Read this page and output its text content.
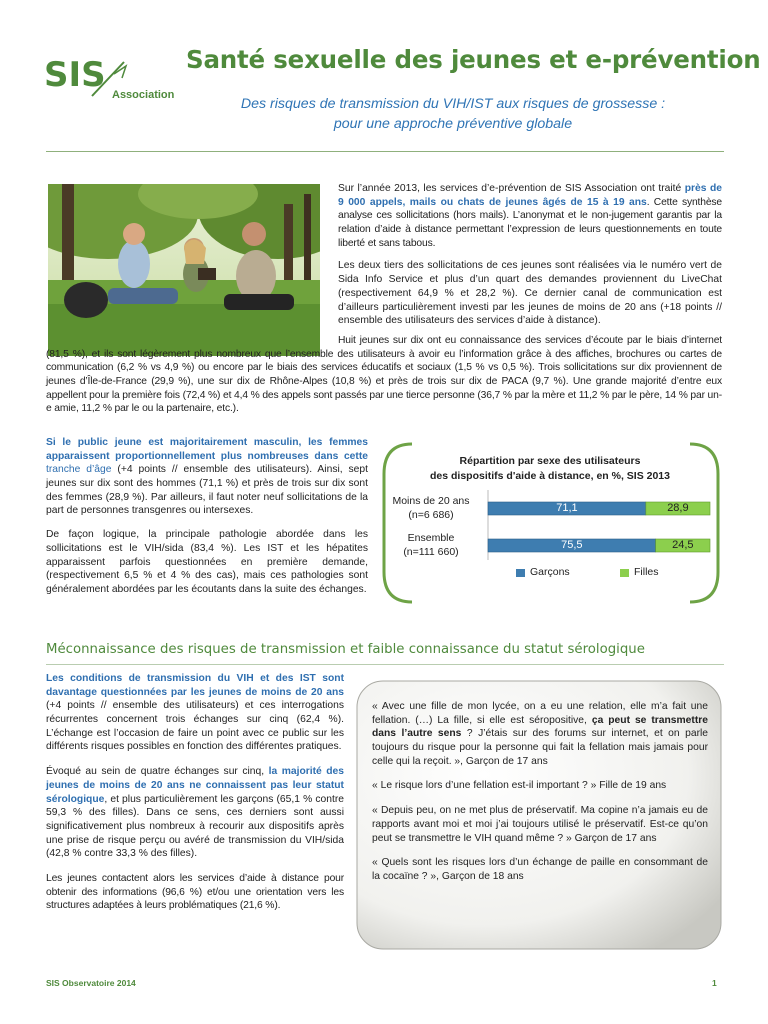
SIS Association
Santé sexuelle des jeunes et e-prévention
Des risques de transmission du VIH/IST aux risques de grossesse :
pour une approche préventive globale

Sur l’année 2013, les services d’e-prévention de SIS Association ont traité près de 9 000 appels, mails ou chats de jeunes âgés de 15 à 19 ans. Cette synthèse analyse ces sollicitations (hors mails). L’anonymat et le non-jugement garantis par la relation d’aide à distance permettant l’expression de leurs questionnements en toute liberté et sans tabous.

Les deux tiers des sollicitations de ces jeunes sont réalisées via le numéro vert de Sida Info Service et plus d’un quart des demandes proviennent du LiveChat (respectivement 64,9 % et 28,2 %). Ce dernier canal de communication est d’ailleurs particulièrement investi par les jeunes de moins de 20 ans (+18 points // ensemble des utilisateurs des services d’aide à distance).

Huit jeunes sur dix ont eu connaissance des services d’écoute par le biais d’internet (81,5 %), et ils sont légèrement plus nombreux que l’ensemble des utilisateurs à avoir eu l’information grâce à des affiches, brochures ou cartes de communication (6,2 % vs 4,9 %) ou encore par le biais des services éducatifs et sociaux (1,5 % vs 0,5 %). Trois sollicitations sur dix proviennent de jeunes d’Île-de-France (29,9 %), une sur dix de Rhône-Alpes (10,8 %) et près de trois sur dix de PACA (9,7 %). Une grande majorité d’entre eux appellent pour la première fois (72,4 %) et 4,4 % des appels sont passés par une tierce personne (36,7 % par la mère et 11,2 % par le père, 14 % par un-e amie, 11,2 % par le ou la partenaire, etc.).

Si le public jeune est majoritairement masculin, les femmes apparaissent proportionnellement plus nombreuses dans cette tranche d’âge (+4 points // ensemble des utilisateurs). Ainsi, sept jeunes sur dix sont des hommes (71,1 %) et près de trois sur dix sont des femmes (28,9 %). Par ailleurs, il faut noter neuf sollicitations de la part de personnes transgenres ou intersexes.

De façon logique, la principale pathologie abordée dans les sollicitations est le VIH/sida (83,4 %). Les IST et les hépatites apparaissent parfois questionnées en première demande, (respectivement 6,5 % et 4 % des cas), mais ces pathologies sont généralement abordées par les écoutants dans la suite des échanges.

Répartition par sexe des utilisateurs
des dispositifs d'aide à distance, en %, SIS 2013
Moins de 20 ans
(n=6 686)
Ensemble
(n=111 660)
71,1	28,9
75,5	24,5
Garçons	Filles
Méconnaissance des risques de transmission et faible connaissance du statut sérologique

Les conditions de transmission du VIH et des IST sont davantage questionnées par les jeunes de moins de 20 ans (+4 points // ensemble des utilisateurs) et ces interrogations récurrentes concernent trois échanges sur cinq (62,4 %). L’échange est l’occasion de faire un point avec ce public sur les différents risques possibles en fonction des différentes pratiques.

Évoqué au sein de quatre échanges sur cinq, la majorité des jeunes de moins de 20 ans ne connaissent pas leur statut sérologique, et plus particulièrement les garçons (65,1 % contre 59,3 % des filles). Dans ce sens, ces derniers sont aussi significativement plus nombreux à recourir aux dispositifs après une prise de risque perçu ou avéré de transmission du VIH/sida (42,8 % contre 33,3 % des filles).

Les jeunes contactent alors les services d’aide à distance pour obtenir des informations (96,6 %) et/ou une orientation vers les structures adaptées à leurs problématiques (21,6 %).

« Avec une fille de mon lycée, on a eu une relation, elle m’a fait une fellation. (…) La fille, si elle est séropositive, ça peut se transmettre dans l’autre sens ? J’étais sur des forums sur internet, et on parle toujours du risque pour la personne qui fait la fellation mais jamais pour celle qui la reçoit. », Garçon de 17 ans

« Le risque lors d’une fellation est-il important ? » Fille de 19 ans

« Depuis peu, on ne met plus de préservatif. Ma copine n’a jamais eu de rapports avant moi et moi j’ai toujours utilisé le préservatif. Est-ce qu’on peut se transmettre le VIH quand même ? » Garçon de 17 ans

« Quels sont les risques lors d’un échange de paille en consommant de la cocaïne ? », Garçon de 18 ans

SIS Observatoire 2014	1
